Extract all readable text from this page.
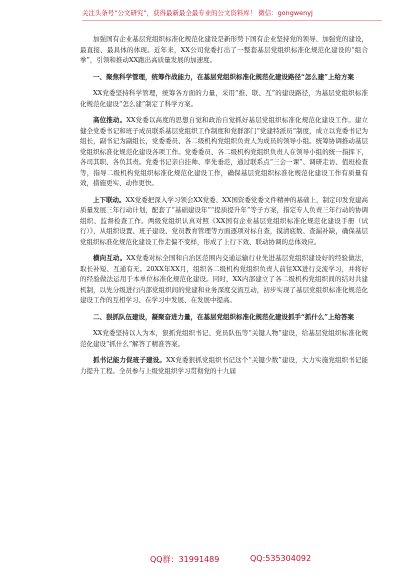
关注头条号“公文研究”，获得最新最全最专业的公文资料库！ 微信：gongwenyj

加强国有企业基层党组织标准化规范化建设是新形势下国有企业坚持党的领导、加强党的建设，最直接、最具体的体现。近年来，XX公司党委打出了一整套基层党组织标准化规范化建设的“组合拳”，引领和推动XX跑出高质量发展的加速度。

一、聚焦科学管理，统筹作战能力，在基层党组织标准化规范化建设路径“怎么建”上给方案

XX党委坚持科学管理，统筹各方面的力量，采用“推、联、互”的建设路径，为基层党组织标准化规范化建设“怎么建”制定了科学方案。

高位推动。XX党委以高度的思想自觉和政治自觉抓好基层党组织标准化规范化建设工作。建立健全党委书记和班子成员联系基层党组织工作制度和党群部门“党建特派员”制度，成立以党委书记为组长，副书记为副组长，党委委员、各二级机构党组织负责人为成员的领导小组。统筹协调推动基层党组织标准化规范化建设各项工作。党委委员、各二级机构党组织负责人在领导小组的统一指挥下，各司其职、各负其责。党委书记亲自挂帅、率先垂范，通过联系点“三会一课”、调研走访、值班检查等，指导二级机构党组织标准化规范化建设工作，确保基层党组织标准化规范化建设工作有质量有效，措施更实、动作更快。

上下联动。XX党委把深入学习领会XX党委、XX国资委党委文件精神的基础上，制定印发党建高质量发展三年行动计划，配套了“基础建设年”“提质提升年”等子方案，指定专人负责三年行动的协调组织、监督检查工作。两级党组织认真对照《XX国有企业基层党组织标准化规范化建设手册（试行）》，从组织设置、班子建设、党员教育管理等方面逐项对标自查，摸清底数、查漏补缺，确保基层党组织标准化规范化建设工作走偏不变样，形成了上行下效、联动协调的总体效应。

横向互动。XX党委对标全国和自治区范围内交通运输行业先进基层党组织建设好的经验做法，取长补短、互通有无。20XX年XX月，组织各二级机构党组织负责人前往XX进行交流学习，并将好的经验做法运用于本单位标准化规范化建设。同时，XX内部建立了各二级机构党组织间的结对共建机制，以先分级进行内部党组织间的党建和业务深度交流互动，初步实现了基层党组织标准化规范化建设工作的互相学习、在学习中发展、在发展中提高。

二、狠抓队伍建设，凝聚奋进力量，在基层党组织标准化规范化建设抓手“抓什么”上给答案

XX党委坚持以人为本，狠抓党组织书记、党员队伍等“关键人物”建设，给基层党组织标准化规范化建设“抓什么”解答了精准答案。

抓书记能力促班子建设。XX党委狠抓党组织书记这个“关键少数”建设，大力实施党组织书记能力提升工程。全员参与上级党组织学习贯彻党的十九届

QQ群：31991489	QQ:535304092
